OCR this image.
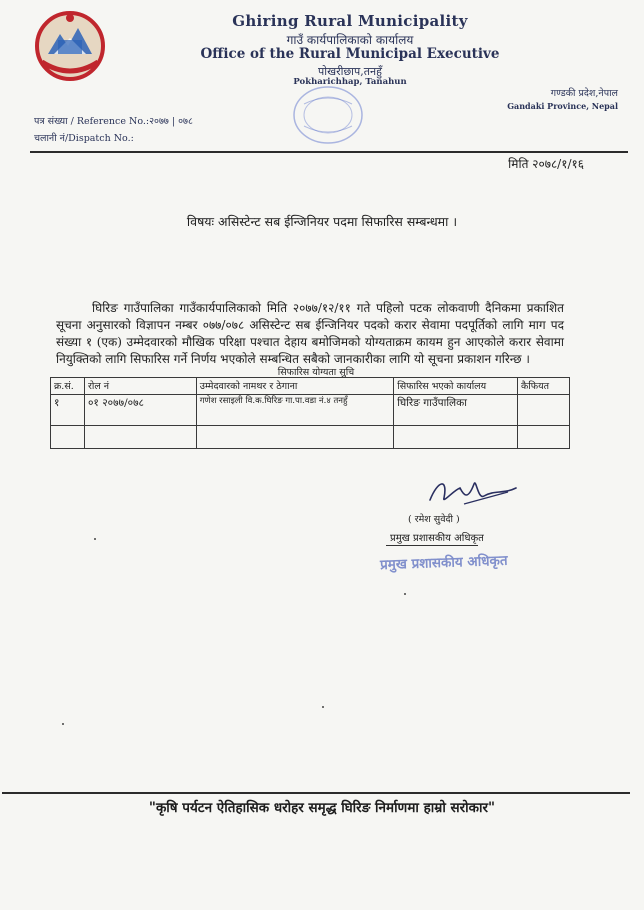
Ghiring Rural Municipality
गाउँ कार्यपालिकाको कार्यालय
Office of the Rural Municipal Executive
पोखरीछाप,तनहुँ
Pokharichhap, Tanahun
गण्डकी प्रदेश,नेपाल
Gandaki Province, Nepal
पत्र संख्या / Reference No.:२०७७ | ०७८
चलानी नं/Dispatch No.:
मिति २०७८/१/१६
विषयः असिस्टेन्ट सब ईन्जिनियर पदमा सिफारिस सम्बन्धमा ।
घिरिङ गाउँपालिका गाउँकार्यपालिकाको मिति २०७७/१२/११ गते पहिलो पटक लोकवाणी दैनिकमा प्रकाशित सूचना अनुसारको विज्ञापन नम्बर ०७७/०७८ असिस्टेन्ट सब ईन्जिनियर पदको करार सेवामा पदपूर्तिको लागि माग पद संख्या १ (एक) उम्मेदवारको मौखिक परिक्षा पश्चात देहाय बमोजिमको योग्यताक्रम कायम हुन आएकोले करार सेवामा नियुक्तिको लागि सिफारिस गर्ने निर्णय भएकोले सम्बन्धित सबैको जानकारीका लागि यो सूचना प्रकाशन गरिन्छ ।
सिफारिस योग्यता सुचि
क्र.सं.	रोल नं	उम्मेदवारको नामथर र ठेगाना	सिफारिस भएको कार्यालय	कैफियत
१	०१ २०७७/०७८	गणेश रसाइली वि.क.घिरिङ गा.पा.वडा नं.४ तनहुँ	घिरिङ गाउँपालिका	

( रमेश सुवेदी )
प्रमुख प्रशासकीय अधिकृत
प्रमुख प्रशासकीय अधिकृत
"कृषि पर्यटन ऐतिहासिक धरोहर समृद्ध घिरिङ निर्माणमा हाम्रो सरोकार"
